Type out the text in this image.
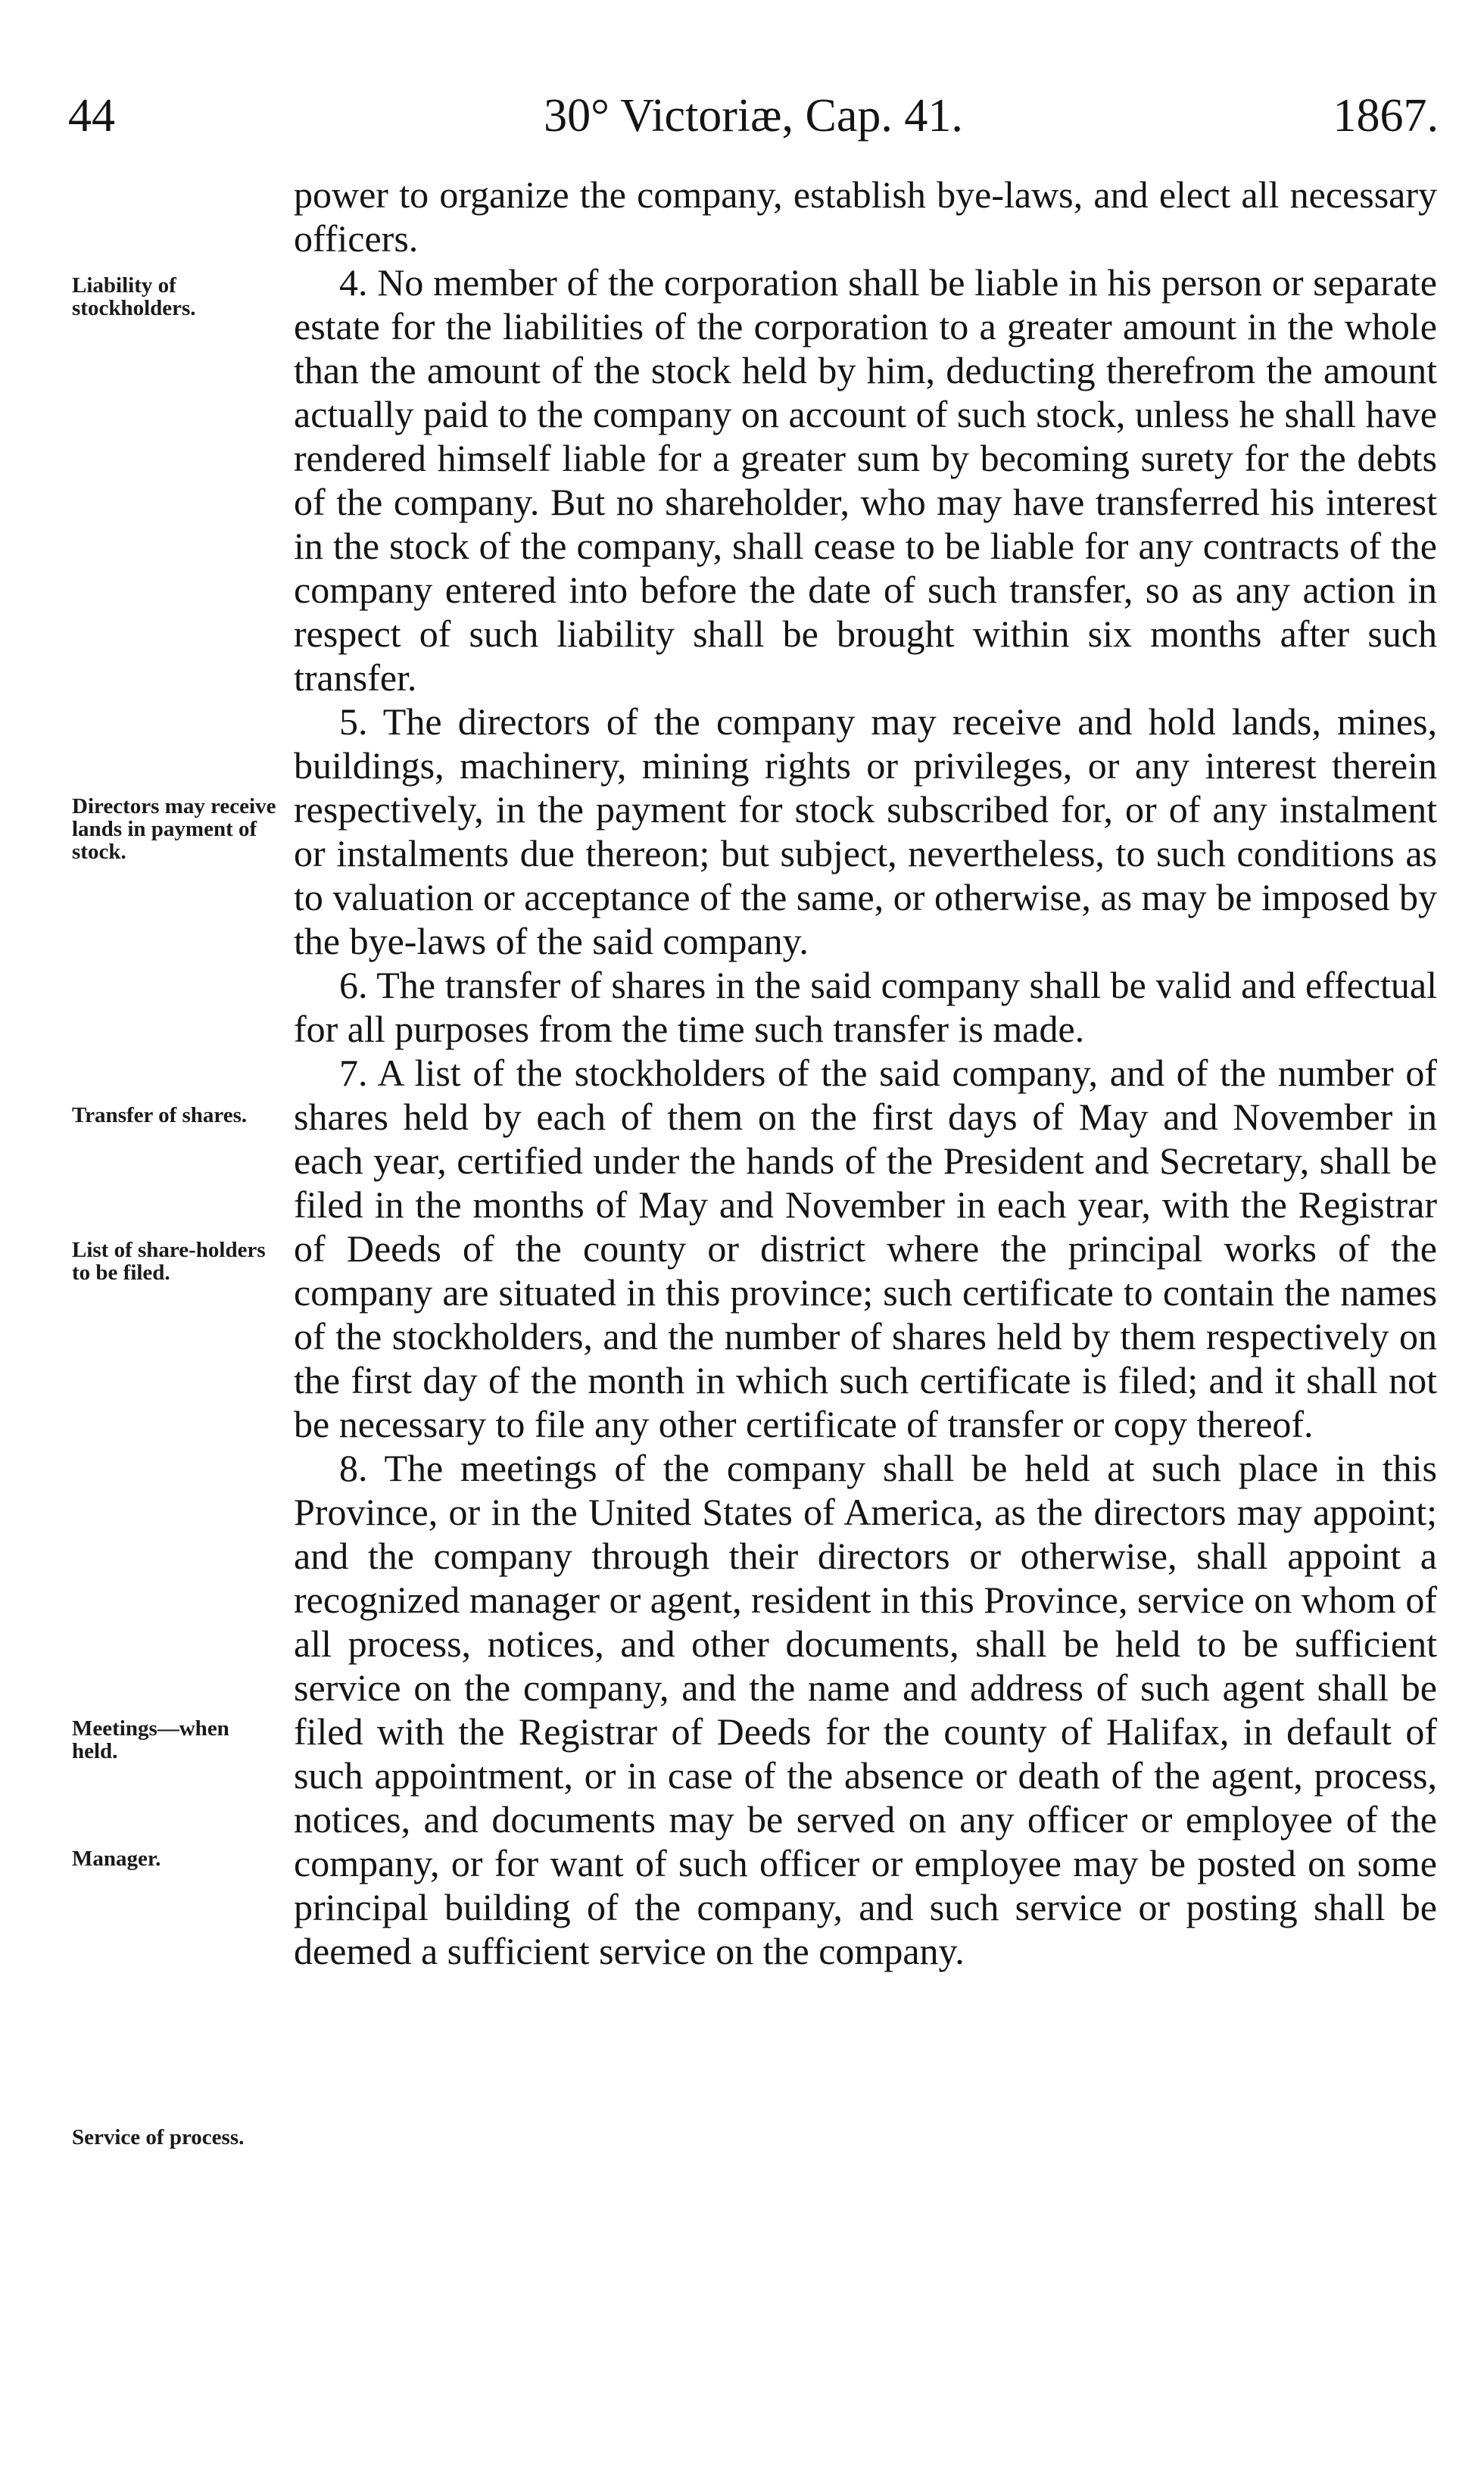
44	30° Victoriæ, Cap. 41.	1867.
Liability of stockholders.
Directors may receive lands in payment of stock.
Transfer of shares.
List of share-holders to be filed.
Meetings—when held.
Manager.
Service of process.

power to organize the company, establish bye-laws, and elect all necessary officers.

4. No member of the corporation shall be liable in his person or separate estate for the liabilities of the corporation to a greater amount in the whole than the amount of the stock held by him, deducting therefrom the amount actually paid to the company on account of such stock, unless he shall have rendered himself liable for a greater sum by becoming surety for the debts of the company. But no shareholder, who may have transferred his interest in the stock of the company, shall cease to be liable for any contracts of the company entered into before the date of such transfer, so as any action in respect of such liability shall be brought within six months after such transfer.

5. The directors of the company may receive and hold lands, mines, buildings, machinery, mining rights or privileges, or any interest therein respectively, in the payment for stock subscribed for, or of any instalment or instalments due thereon; but subject, nevertheless, to such conditions as to valuation or acceptance of the same, or otherwise, as may be imposed by the bye-laws of the said company.

6. The transfer of shares in the said company shall be valid and effectual for all purposes from the time such transfer is made.

7. A list of the stockholders of the said company, and of the number of shares held by each of them on the first days of May and November in each year, certified under the hands of the President and Secretary, shall be filed in the months of May and November in each year, with the Registrar of Deeds of the county or district where the principal works of the company are situated in this province; such certificate to contain the names of the stockholders, and the number of shares held by them respectively on the first day of the month in which such certificate is filed; and it shall not be necessary to file any other certificate of transfer or copy thereof.

8. The meetings of the company shall be held at such place in this Province, or in the United States of America, as the directors may appoint; and the company through their directors or otherwise, shall appoint a recognized manager or agent, resident in this Province, service on whom of all process, notices, and other documents, shall be held to be sufficient service on the company, and the name and address of such agent shall be filed with the Registrar of Deeds for the county of Halifax, in default of such appointment, or in case of the absence or death of the agent, process, notices, and documents may be served on any officer or employee of the company, or for want of such officer or employee may be posted on some principal building of the company, and such service or posting shall be deemed a sufficient service on the company.
